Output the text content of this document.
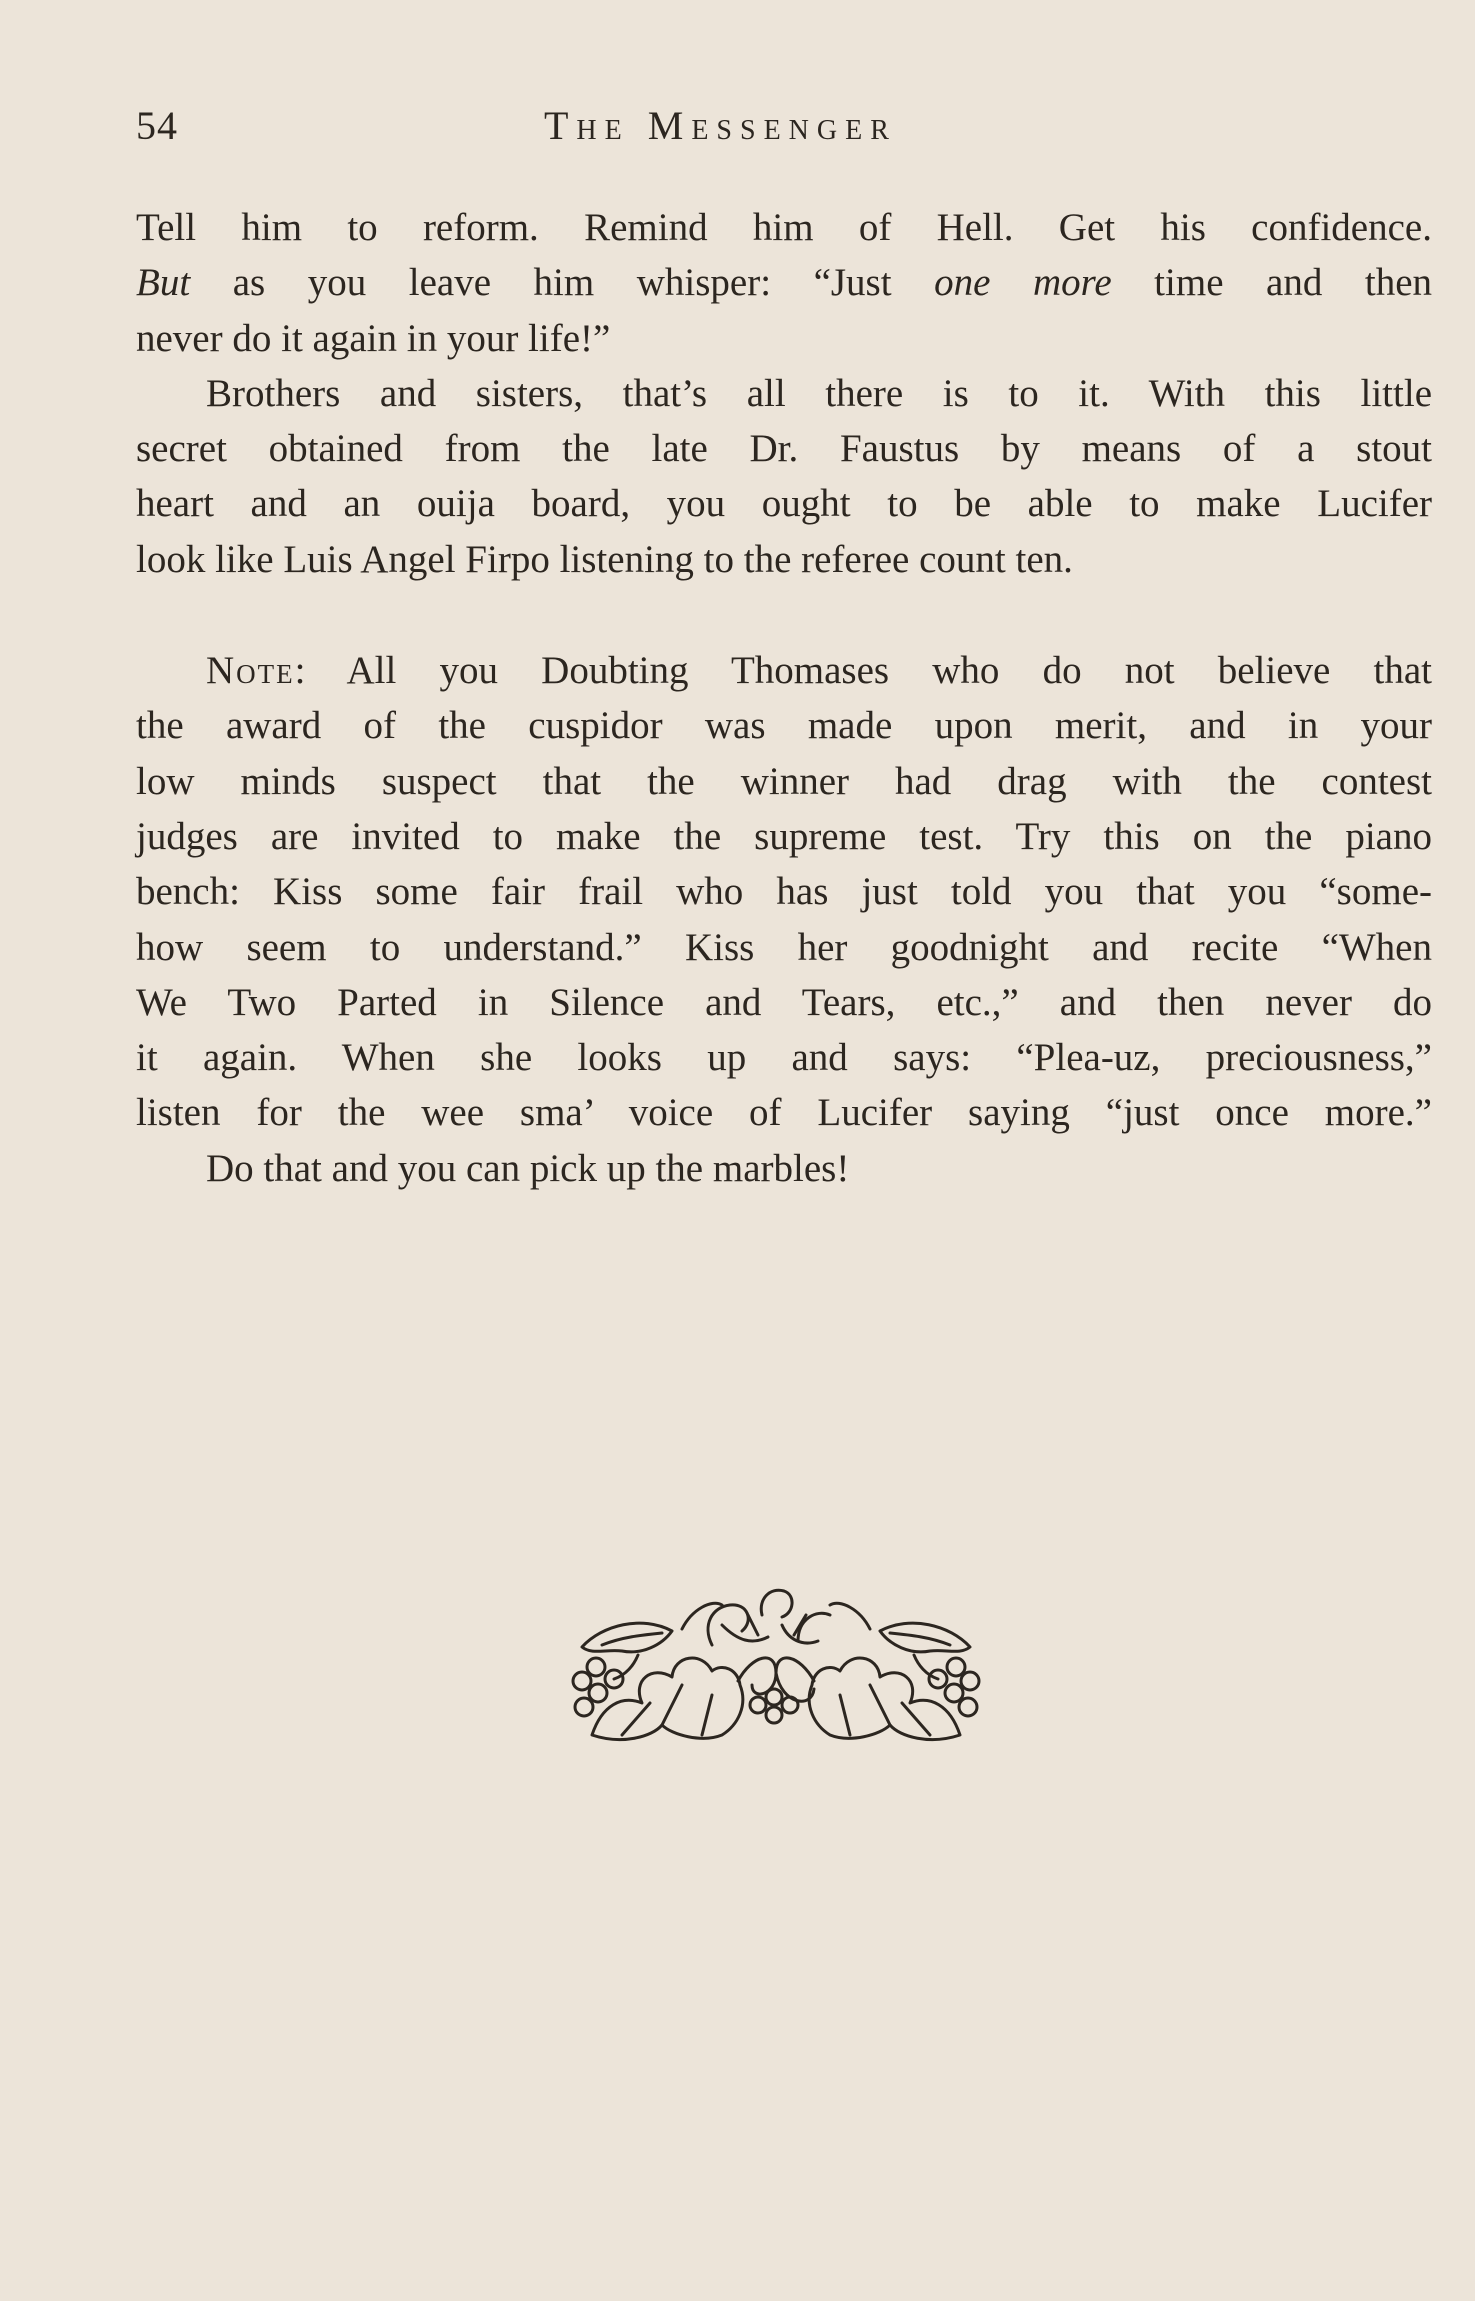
54	The Messenger
Tell him to reform. Remind him of Hell. Get his confidence.
But as you leave him whisper: “Just one more time and then
never do it again in your life!”
Brothers and sisters, that’s all there is to it. With this little
secret obtained from the late Dr. Faustus by means of a stout
heart and an ouija board, you ought to be able to make Lucifer
look like Luis Angel Firpo listening to the referee count ten.
Note: All you Doubting Thomases who do not believe that
the award of the cuspidor was made upon merit, and in your
low minds suspect that the winner had drag with the contest
judges are invited to make the supreme test. Try this on the piano
bench: Kiss some fair frail who has just told you that you “some-
how seem to understand.” Kiss her goodnight and recite “When
We Two Parted in Silence and Tears, etc.,” and then never do
it again. When she looks up and says: “Plea-uz, preciousness,”
listen for the wee sma’ voice of Lucifer saying “just once more.”
Do that and you can pick up the marbles!
